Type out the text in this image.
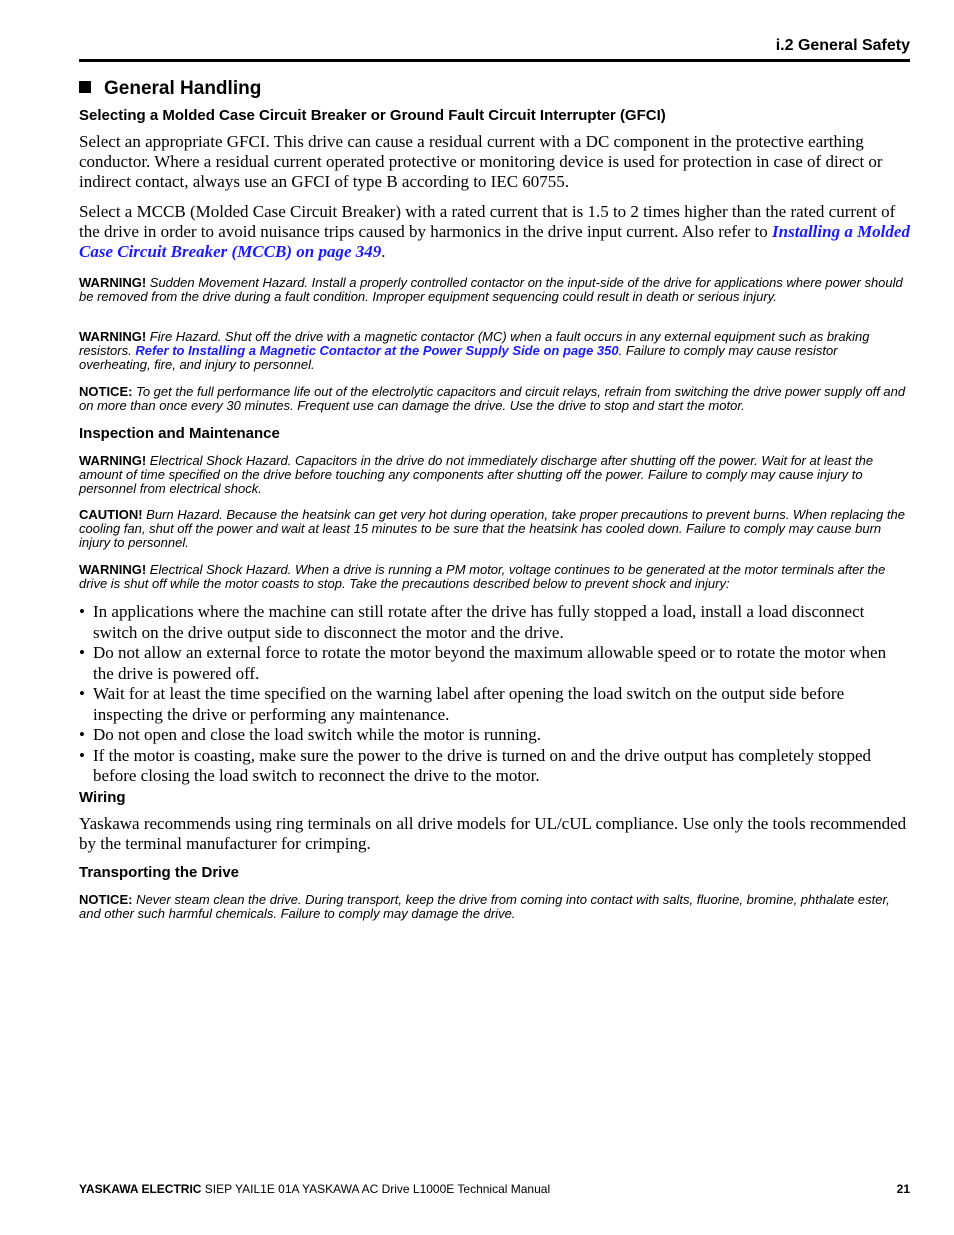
i.2 General Safety
General Handling
Selecting a Molded Case Circuit Breaker or Ground Fault Circuit Interrupter (GFCI)
Select an appropriate GFCI. This drive can cause a residual current with a DC component in the protective earthing conductor. Where a residual current operated protective or monitoring device is used for protection in case of direct or indirect contact, always use an GFCI of type B according to IEC 60755.
Select a MCCB (Molded Case Circuit Breaker) with a rated current that is 1.5 to 2 times higher than the rated current of the drive in order to avoid nuisance trips caused by harmonics in the drive input current. Also refer to Installing a Molded Case Circuit Breaker (MCCB) on page 349.
WARNING! Sudden Movement Hazard. Install a properly controlled contactor on the input-side of the drive for applications where power should be removed from the drive during a fault condition. Improper equipment sequencing could result in death or serious injury.
WARNING! Fire Hazard. Shut off the drive with a magnetic contactor (MC) when a fault occurs in any external equipment such as braking resistors. Refer to Installing a Magnetic Contactor at the Power Supply Side on page 350. Failure to comply may cause resistor overheating, fire, and injury to personnel.
NOTICE: To get the full performance life out of the electrolytic capacitors and circuit relays, refrain from switching the drive power supply off and on more than once every 30 minutes. Frequent use can damage the drive. Use the drive to stop and start the motor.
Inspection and Maintenance
WARNING! Electrical Shock Hazard. Capacitors in the drive do not immediately discharge after shutting off the power. Wait for at least the amount of time specified on the drive before touching any components after shutting off the power. Failure to comply may cause injury to personnel from electrical shock.
CAUTION! Burn Hazard. Because the heatsink can get very hot during operation, take proper precautions to prevent burns. When replacing the cooling fan, shut off the power and wait at least 15 minutes to be sure that the heatsink has cooled down. Failure to comply may cause burn injury to personnel.
WARNING! Electrical Shock Hazard. When a drive is running a PM motor, voltage continues to be generated at the motor terminals after the drive is shut off while the motor coasts to stop. Take the precautions described below to prevent shock and injury:
• In applications where the machine can still rotate after the drive has fully stopped a load, install a load disconnect switch on the drive output side to disconnect the motor and the drive.
• Do not allow an external force to rotate the motor beyond the maximum allowable speed or to rotate the motor when the drive is powered off.
• Wait for at least the time specified on the warning label after opening the load switch on the output side before inspecting the drive or performing any maintenance.
• Do not open and close the load switch while the motor is running.
• If the motor is coasting, make sure the power to the drive is turned on and the drive output has completely stopped before closing the load switch to reconnect the drive to the motor.
Wiring
Yaskawa recommends using ring terminals on all drive models for UL/cUL compliance. Use only the tools recommended by the terminal manufacturer for crimping.
Transporting the Drive
NOTICE: Never steam clean the drive. During transport, keep the drive from coming into contact with salts, fluorine, bromine, phthalate ester, and other such harmful chemicals. Failure to comply may damage the drive.
YASKAWA ELECTRIC SIEP YAIL1E 01A YASKAWA AC Drive L1000E Technical Manual	21
